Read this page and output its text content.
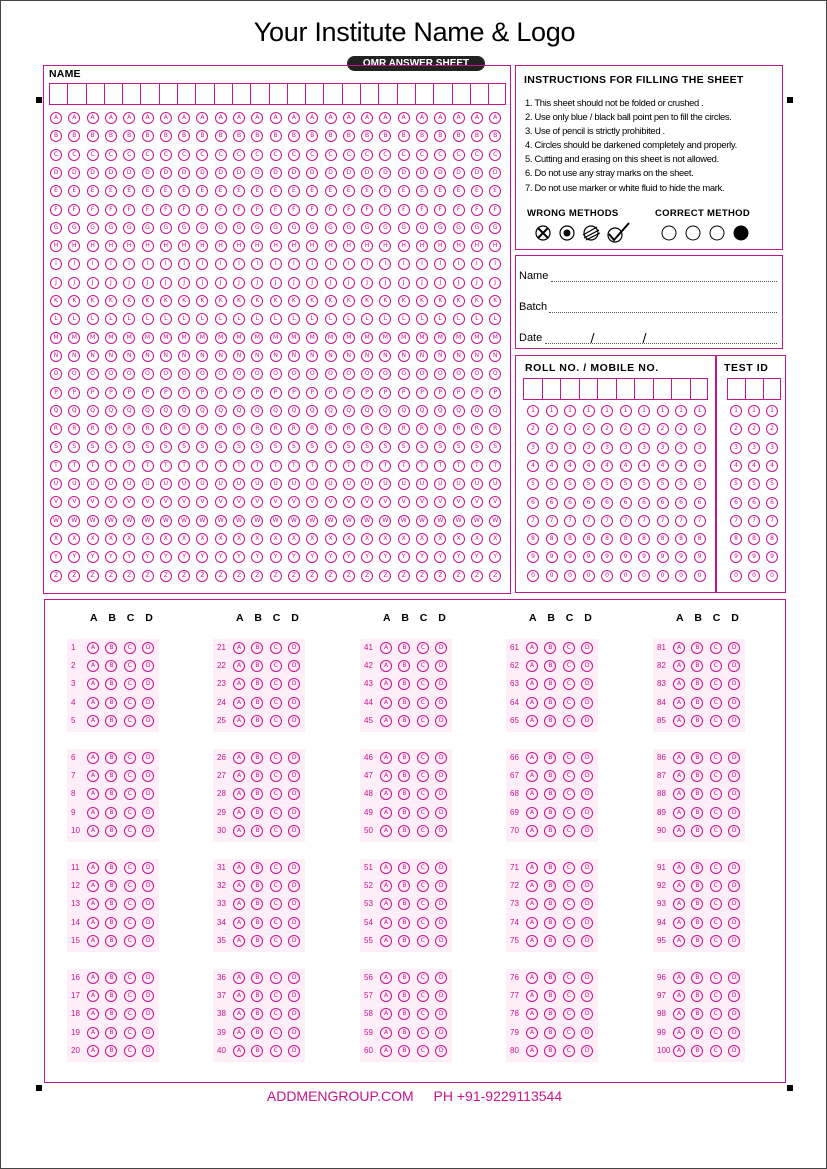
Your Institute Name & Logo
OMR ANSWER SHEET
NAME
A	A	A	A	A	A	A	A	A	A	A	A	A	A	A	A	A	A	A	A	A	A	A	A	A
B	B	B	B	B	B	B	B	B	B	B	B	B	B	B	B	B	B	B	B	B	B	B	B	B
C	C	C	C	C	C	C	C	C	C	C	C	C	C	C	C	C	C	C	C	C	C	C	C	C
D	D	D	D	D	D	D	D	D	D	D	D	D	D	D	D	D	D	D	D	D	D	D	D	D
E	E	E	E	E	E	E	E	E	E	E	E	E	E	E	E	E	E	E	E	E	E	E	E	E
F	F	F	F	F	F	F	F	F	F	F	F	F	F	F	F	F	F	F	F	F	F	F	F	F
G	G	G	G	G	G	G	G	G	G	G	G	G	G	G	G	G	G	G	G	G	G	G	G	G
H	H	H	H	H	H	H	H	H	H	H	H	H	H	H	H	H	H	H	H	H	H	H	H	H
I	I	I	I	I	I	I	I	I	I	I	I	I	I	I	I	I	I	I	I	I	I	I	I	I
J	J	J	J	J	J	J	J	J	J	J	J	J	J	J	J	J	J	J	J	J	J	J	J	J
K	K	K	K	K	K	K	K	K	K	K	K	K	K	K	K	K	K	K	K	K	K	K	K	K
L	L	L	L	L	L	L	L	L	L	L	L	L	L	L	L	L	L	L	L	L	L	L	L	L
M	M	M	M	M	M	M	M	M	M	M	M	M	M	M	M	M	M	M	M	M	M	M	M	M
N	N	N	N	N	N	N	N	N	N	N	N	N	N	N	N	N	N	N	N	N	N	N	N	N
O	O	O	O	O	O	O	O	O	O	O	O	O	O	O	O	O	O	O	O	O	O	O	O	O
P	P	P	P	P	P	P	P	P	P	P	P	P	P	P	P	P	P	P	P	P	P	P	P	P
Q	Q	Q	Q	Q	Q	Q	Q	Q	Q	Q	Q	Q	Q	Q	Q	Q	Q	Q	Q	Q	Q	Q	Q	Q
R	R	R	R	R	R	R	R	R	R	R	R	R	R	R	R	R	R	R	R	R	R	R	R	R
S	S	S	S	S	S	S	S	S	S	S	S	S	S	S	S	S	S	S	S	S	S	S	S	S
T	T	T	T	T	T	T	T	T	T	T	T	T	T	T	T	T	T	T	T	T	T	T	T	T
U	U	U	U	U	U	U	U	U	U	U	U	U	U	U	U	U	U	U	U	U	U	U	U	U
V	V	V	V	V	V	V	V	V	V	V	V	V	V	V	V	V	V	V	V	V	V	V	V	V
W	W	W	W	W	W	W	W	W	W	W	W	W	W	W	W	W	W	W	W	W	W	W	W	W
X	X	X	X	X	X	X	X	X	X	X	X	X	X	X	X	X	X	X	X	X	X	X	X	X
Y	Y	Y	Y	Y	Y	Y	Y	Y	Y	Y	Y	Y	Y	Y	Y	Y	Y	Y	Y	Y	Y	Y	Y	Y
Z	Z	Z	Z	Z	Z	Z	Z	Z	Z	Z	Z	Z	Z	Z	Z	Z	Z	Z	Z	Z	Z	Z	Z	Z
INSTRUCTIONS FOR FILLING THE SHEET
1. This sheet should not be folded or crushed .
2. Use only blue / black ball point pen to fill the circles.
3. Use of pencil is strictly prohibited .
4. Circles should be darkened completely and properly.
5. Cutting and erasing on this sheet is not allowed.
6. Do not use any stray marks on the sheet.
7. Do not use marker or white fluid to hide the mark.
WRONG METHODS	CORRECT METHOD
Name
Batch
Date
ROLL NO. / MOBILE NO.
1	1	1	1	1	1	1	1	1	1
2	2	2	2	2	2	2	2	2	2
3	3	3	3	3	3	3	3	3	3
4	4	4	4	4	4	4	4	4	4
5	5	5	5	5	5	5	5	5	5
6	6	6	6	6	6	6	6	6	6
7	7	7	7	7	7	7	7	7	7
8	8	8	8	8	8	8	8	8	8
9	9	9	9	9	9	9	9	9	9
0	0	0	0	0	0	0	0	0	0
TEST ID
1	1	1
2	2	2
3	3	3
4	4	4
5	5	5
6	6	6
7	7	7
8	8	8
9	9	9
0	0	0
A B C D
1	A	B	C	D
2	A	B	C	D
3	A	B	C	D
4	A	B	C	D
5	A	B	C	D
6	A	B	C	D
7	A	B	C	D
8	A	B	C	D
9	A	B	C	D
10	A	B	C	D
11	A	B	C	D
12	A	B	C	D
13	A	B	C	D
14	A	B	C	D
15	A	B	C	D
16	A	B	C	D
17	A	B	C	D
18	A	B	C	D
19	A	B	C	D
20	A	B	C	D
A B C D
21	A	B	C	D
22	A	B	C	D
23	A	B	C	D
24	A	B	C	D
25	A	B	C	D
26	A	B	C	D
27	A	B	C	D
28	A	B	C	D
29	A	B	C	D
30	A	B	C	D
31	A	B	C	D
32	A	B	C	D
33	A	B	C	D
34	A	B	C	D
35	A	B	C	D
36	A	B	C	D
37	A	B	C	D
38	A	B	C	D
39	A	B	C	D
40	A	B	C	D
A B C D
41	A	B	C	D
42	A	B	C	D
43	A	B	C	D
44	A	B	C	D
45	A	B	C	D
46	A	B	C	D
47	A	B	C	D
48	A	B	C	D
49	A	B	C	D
50	A	B	C	D
51	A	B	C	D
52	A	B	C	D
53	A	B	C	D
54	A	B	C	D
55	A	B	C	D
56	A	B	C	D
57	A	B	C	D
58	A	B	C	D
59	A	B	C	D
60	A	B	C	D
A B C D
61	A	B	C	D
62	A	B	C	D
63	A	B	C	D
64	A	B	C	D
65	A	B	C	D
66	A	B	C	D
67	A	B	C	D
68	A	B	C	D
69	A	B	C	D
70	A	B	C	D
71	A	B	C	D
72	A	B	C	D
73	A	B	C	D
74	A	B	C	D
75	A	B	C	D
76	A	B	C	D
77	A	B	C	D
78	A	B	C	D
79	A	B	C	D
80	A	B	C	D
A B C D
81	A	B	C	D
82	A	B	C	D
83	A	B	C	D
84	A	B	C	D
85	A	B	C	D
86	A	B	C	D
87	A	B	C	D
88	A	B	C	D
89	A	B	C	D
90	A	B	C	D
91	A	B	C	D
92	A	B	C	D
93	A	B	C	D
94	A	B	C	D
95	A	B	C	D
96	A	B	C	D
97	A	B	C	D
98	A	B	C	D
99	A	B	C	D
100	A	B	C	D
ADDMENGROUP.COM PH +91-9229113544
